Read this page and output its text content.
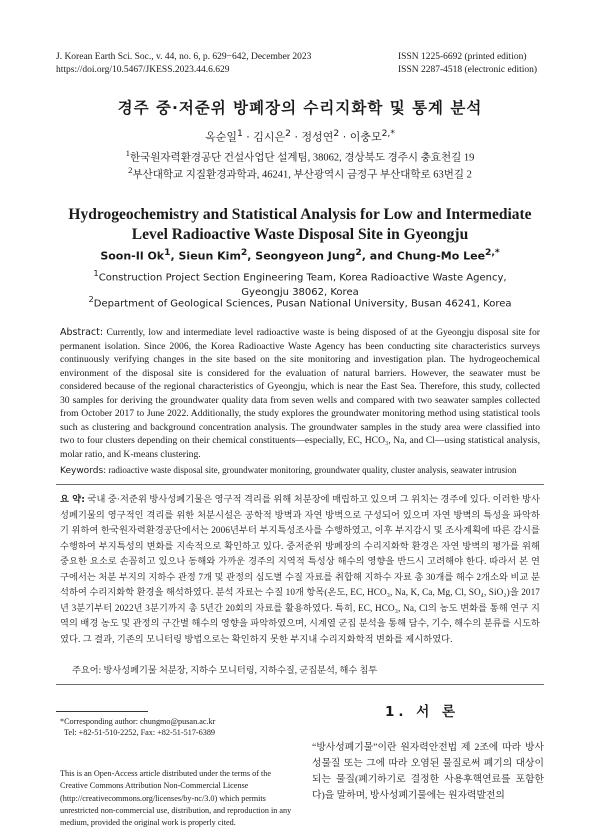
J. Korean Earth Sci. Soc., v. 44, no. 6, p. 629−642, December 2023
https://doi.org/10.5467/JKESS.2023.44.6.629
ISSN 1225-6692 (printed edition)
ISSN 2287-4518 (electronic edition)
경주 중·저준위 방폐장의 수리지화학 및 통계 분석
옥순일$^1$ · 김시은$^2$ · 정성연$^2$ · 이충모$^{2,*}$
$^1$한국원자력환경공단 건설사업단 설계팀, 38062, 경상북도 경주시 충효천길 19
$^2$부산대학교 지질환경과학과, 46241, 부산광역시 금정구 부산대학로 63번길 2
Hydrogeochemistry and Statistical Analysis for Low and Intermediate
Level Radioactive Waste Disposal Site in Gyeongju
Soon-Il Ok$^1$, Sieun Kim$^2$, Seongyeon Jung$^2$, and Chung-Mo Lee$^{2,*}$
$^1$Construction Project Section Engineering Team, Korea Radioactive Waste Agency,
Gyeongju 38062, Korea
$^2$Department of Geological Sciences, Pusan National University, Busan 46241, Korea
Abstract: Currently, low and intermediate level radioactive waste is being disposed of at the Gyeongju disposal site for permanent isolation. Since 2006, the Korea Radioactive Waste Agency has been conducting site characteristics surveys continuously verifying changes in the site based on the site monitoring and investigation plan. The hydrogeochemical environment of the disposal site is considered for the evaluation of natural barriers. However, the seawater must be considered because of the regional characteristics of Gyeongju, which is near the East Sea. Therefore, this study, collected 30 samples for deriving the groundwater quality data from seven wells and compared with two seawater samples collected from October 2017 to June 2022. Additionally, the study explores the groundwater monitoring method using statistical tools such as clustering and background concentration analysis. The groundwater samples in the study area were classified into two to four clusters depending on their chemical constituents—especially, EC, HCO₃, Na, and Cl—using statistical analysis, molar ratio, and K-means clustering.
Keywords: radioactive waste disposal site, groundwater monitoring, groundwater quality, cluster analysis, seawater intrusion
요 약: 국내 중·저준위 방사성폐기물은 영구적 격리를 위해 처분장에 매립하고 있으며 그 위치는 경주에 있다. 이러한 방사성폐기물의 영구적인 격리를 위한 처분시설은 공학적 방벽과 자연 방벽으로 구성되어 있으며 자연 방벽의 특성을 파악하기 위하여 한국원자력환경공단에서는 2006년부터 부지특성조사를 수행하였고, 이후 부지감시 및 조사계획에 따른 감시를 수행하여 부지특성의 변화를 지속적으로 확인하고 있다. 중저준위 방폐장의 수리지화학 환경은 자연 방벽의 평가를 위해 중요한 요소로 손꼽히고 있으나 동해와 가까운 경주의 지역적 특성상 해수의 영향을 반드시 고려해야 한다. 따라서 본 연구에서는 처분 부지의 지하수 관정 7개 및 관정의 심도별 수질 자료를 취합해 지하수 자료 총 30개를 해수 2개소와 비교 분석하여 수리지화학 환경을 해석하였다. 분석 자료는 수질 10개 항목(온도, EC, HCO₃, Na, K, Ca, Mg, Cl, SO₄, SiO₂)을 2017년 3분기부터 2022년 3분기까지 총 5년간 20회의 자료를 활용하였다. 특히, EC, HCO₃, Na, Cl의 농도 변화를 통해 연구 지역의 배경 농도 및 관정의 구간별 해수의 영향을 파악하였으며, 시계열 군집 분석을 통해 담수, 기수, 해수의 분류를 시도하였다. 그 결과, 기존의 모니터링 방법으로는 확인하지 못한 부지내 수리지화학적 변화를 제시하였다.
주요어: 방사성폐기물 처분장, 지하수 모니터링, 지하수질, 군집분석, 해수 침투
*Corresponding author: chungmo@pusan.ac.kr
Tel: +82-51-510-2252, Fax: +82-51-517-6389
This is an Open-Access article distributed under the terms of the Creative Commons Attribution Non-Commercial License (http://creativecommons.org/licenses/by-nc/3.0) which permits unrestricted non-commercial use, distribution, and reproduction in any medium, provided the original work is properly cited.
1. 서 론
“방사성폐기물”이란 원자력안전법 제 2조에 따라 방사성물질 또는 그에 따라 오염된 물질로써 폐기의 대상이 되는 물질(폐기하기로 결정한 사용후핵연료를 포함한다)을 말하며, 방사성폐기물에는 원자력발전의
